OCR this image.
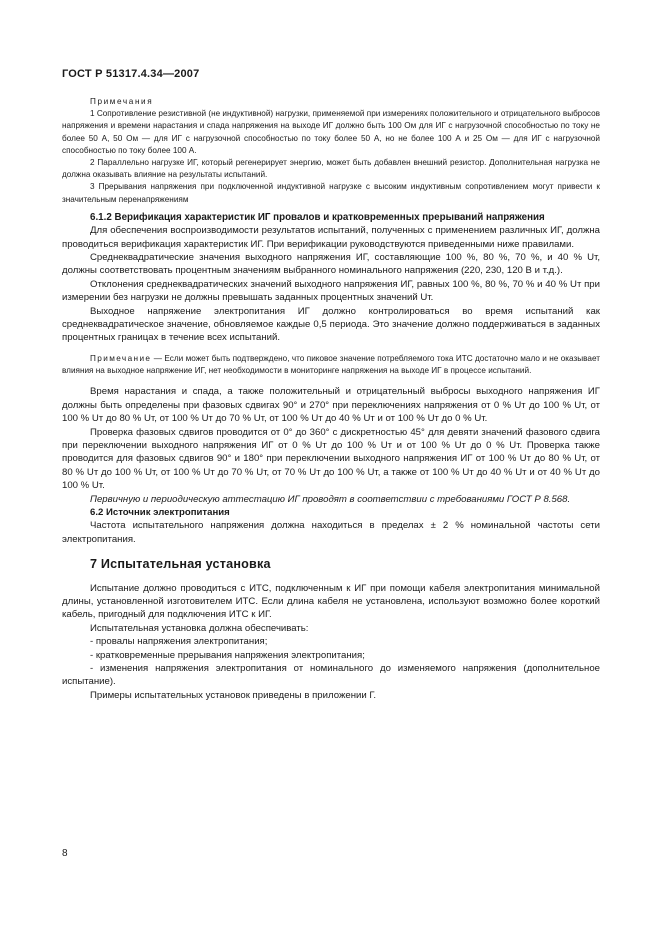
ГОСТ Р 51317.4.34—2007

Примечания

1 Сопротивление резистивной (не индуктивной) нагрузки, применяемой при измерениях положительного и отрицательного выбросов напряжения и времени нарастания и спада напряжения на выходе ИГ должно быть 100 Ом для ИГ с нагрузочной способностью по току не более 50 А, 50 Ом — для ИГ с нагрузочной способностью по току более 50 А, но не более 100 А и 25 Ом — для ИГ с нагрузочной способностью по току более 100 А.

2 Параллельно нагрузке ИГ, который регенерирует энергию, может быть добавлен внешний резистор. Дополнительная нагрузка не должна оказывать влияние на результаты испытаний.

3 Прерывания напряжения при подключенной индуктивной нагрузке с высоким индуктивным сопротивлением могут привести к значительным перенапряжениям

6.1.2 Верификация характеристик ИГ провалов и кратковременных прерываний напряжения

Для обеспечения воспроизводимости результатов испытаний, полученных с применением различных ИГ, должна проводиться верификация характеристик ИГ. При верификации руководствуются приведенными ниже правилами.

Среднеквадратические значения выходного напряжения ИГ, составляющие 100 %, 80 %, 70 %, и 40 % Uт, должны соответствовать процентным значениям выбранного номинального напряжения (220, 230, 120 В и т.д.).

Отклонения среднеквадратических значений выходного напряжения ИГ, равных 100 %, 80 %, 70 % и 40 % Uт при измерении без нагрузки не должны превышать заданных процентных значений Uт.

Выходное напряжение электропитания ИГ должно контролироваться во время испытаний как среднеквадратическое значение, обновляемое каждые 0,5 периода. Это значение должно поддерживаться в заданных процентных границах в течение всех испытаний.

Примечание — Если может быть подтверждено, что пиковое значение потребляемого тока ИТС достаточно мало и не оказывает влияния на выходное напряжение ИГ, нет необходимости в мониторинге напряжения на выходе ИГ в процессе испытаний.

Время нарастания и спада, а также положительный и отрицательный выбросы выходного напряжения ИГ должны быть определены при фазовых сдвигах 90° и 270° при переключениях напряжения от 0 % Uт до 100 % Uт, от 100 % Uт до 80 % Uт, от 100 % Uт до 70 % Uт, от 100 % Uт до 40 % Uт и от 100 % Uт до 0 % Uт.

Проверка фазовых сдвигов проводится от 0° до 360° с дискретностью 45° для девяти значений фазового сдвига при переключении выходного напряжения ИГ от 0 % Uт до 100 % Uт и от 100 % Uт до 0 % Uт. Проверка также проводится для фазовых сдвигов 90° и 180° при переключении выходного напряжения ИГ от 100 % Uт до 80 % Uт, от 80 % Uт до 100 % Uт, от 100 % Uт до 70 % Uт, от 70 % Uт до 100 % Uт, а также от 100 % Uт до 40 % Uт и от 40 % Uт до 100 % Uт.

Первичную и периодическую аттестацию ИГ проводят в соответствии с требованиями ГОСТ Р 8.568.

6.2 Источник электропитания

Частота испытательного напряжения должна находиться в пределах ± 2 % номинальной частоты сети электропитания.

7 Испытательная установка

Испытание должно проводиться с ИТС, подключенным к ИГ при помощи кабеля электропитания минимальной длины, установленной изготовителем ИТС. Если длина кабеля не установлена, используют возможно более короткий кабель, пригодный для подключения ИТС к ИГ.

Испытательная установка должна обеспечивать:

- провалы напряжения электропитания;

- кратковременные прерывания напряжения электропитания;

- изменения напряжения электропитания от номинального до изменяемого напряжения (дополнительное испытание).

Примеры испытательных установок приведены в приложении Г.

8
